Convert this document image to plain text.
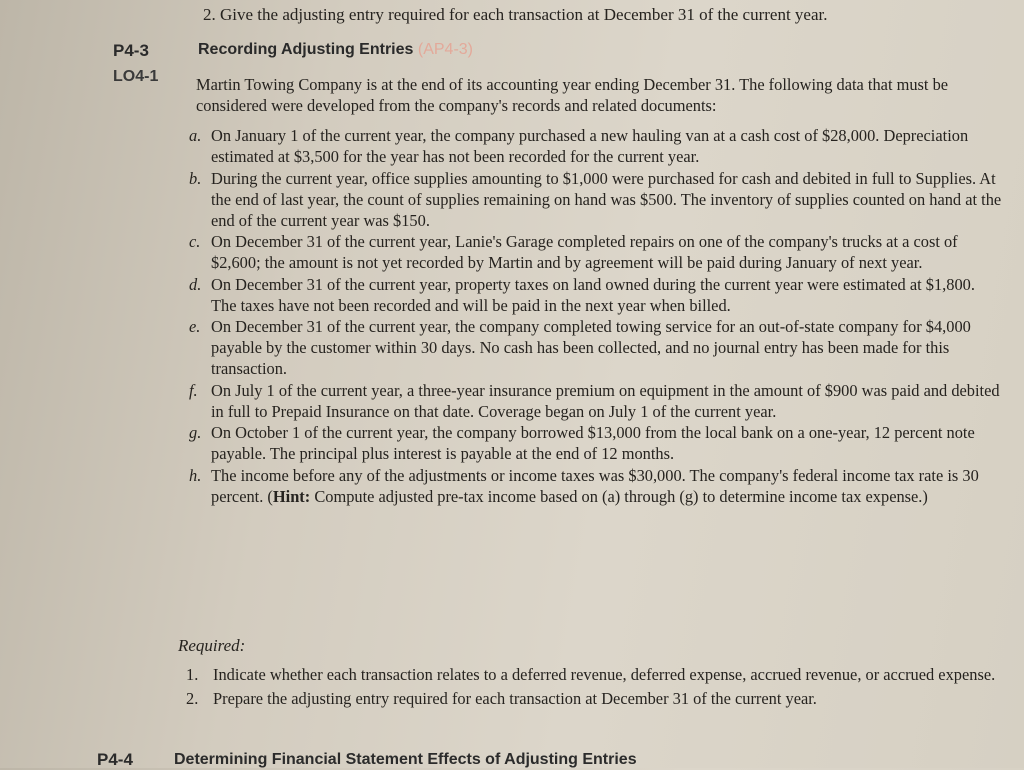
2. Give the adjusting entry required for each transaction at December 31 of the current year.
P4-3
LO4-1
Recording Adjusting Entries (AP4-3)
Martin Towing Company is at the end of its accounting year ending December 31. The following data that must be considered were developed from the company's records and related documents:
a. On January 1 of the current year, the company purchased a new hauling van at a cash cost of $28,000. Depreciation estimated at $3,500 for the year has not been recorded for the current year.
b. During the current year, office supplies amounting to $1,000 were purchased for cash and debited in full to Supplies. At the end of last year, the count of supplies remaining on hand was $500. The inventory of supplies counted on hand at the end of the current year was $150.
c. On December 31 of the current year, Lanie's Garage completed repairs on one of the company's trucks at a cost of $2,600; the amount is not yet recorded by Martin and by agreement will be paid during January of next year.
d. On December 31 of the current year, property taxes on land owned during the current year were estimated at $1,800. The taxes have not been recorded and will be paid in the next year when billed.
e. On December 31 of the current year, the company completed towing service for an out-of-state company for $4,000 payable by the customer within 30 days. No cash has been collected, and no journal entry has been made for this transaction.
f. On July 1 of the current year, a three-year insurance premium on equipment in the amount of $900 was paid and debited in full to Prepaid Insurance on that date. Coverage began on July 1 of the current year.
g. On October 1 of the current year, the company borrowed $13,000 from the local bank on a one-year, 12 percent note payable. The principal plus interest is payable at the end of 12 months.
h. The income before any of the adjustments or income taxes was $30,000. The company's federal income tax rate is 30 percent. (Hint: Compute adjusted pre-tax income based on (a) through (g) to determine income tax expense.)
Required:
1. Indicate whether each transaction relates to a deferred revenue, deferred expense, accrued revenue, or accrued expense.
2. Prepare the adjusting entry required for each transaction at December 31 of the current year.
P4-4	Determining Financial Statement Effects of Adjusting Entries
